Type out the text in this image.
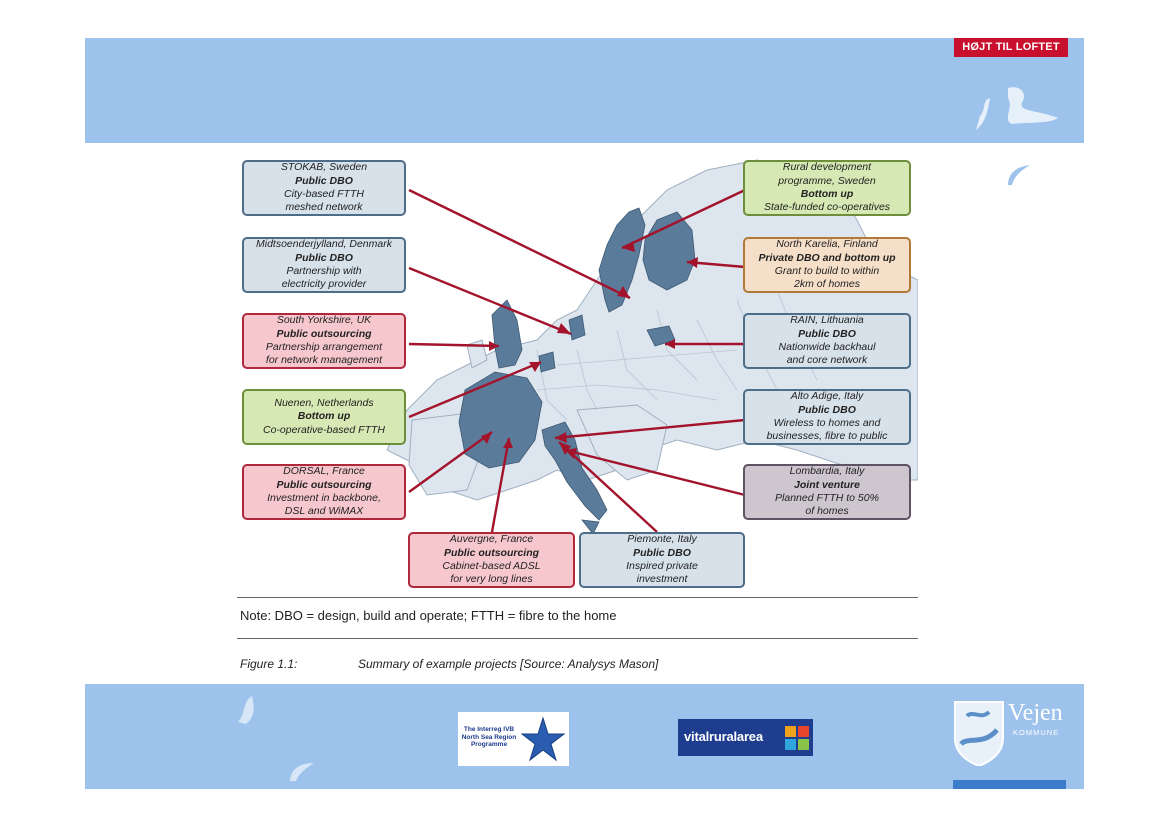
HØJT TIL LOFTET
STOKAB, Sweden
Public DBO
City-based FTTH
meshed network
Midtsoenderjylland, Denmark
Public DBO
Partnership with
electricity provider
South Yorkshire, UK
Public outsourcing
Partnership arrangement
for network management
Nuenen, Netherlands
Bottom up
Co-operative-based FTTH
DORSAL, France
Public outsourcing
Investment in backbone,
DSL and WiMAX
Auvergne, France
Public outsourcing
Cabinet-based ADSL
for very long lines
Piemonte, Italy
Public DBO
Inspired private
investment
Rural development
programme, Sweden
Bottom up
State-funded co-operatives
North Karelia, Finland
Private DBO and bottom up
Grant to build to within
2km of homes
RAIN, Lithuania
Public DBO
Nationwide backhaul
and core network
Alto Adige, Italy
Public DBO
Wireless to homes and
businesses, fibre to public
Lombardia, Italy
Joint venture
Planned FTTH to 50%
of homes
Note: DBO = design, build and operate; FTTH = fibre to the home
Figure 1.1:	Summary of example projects [Source: Analysys Mason]
The Interreg IVB North Sea Region Programme
vitalruralarea
Vejen
KOMMUNE
